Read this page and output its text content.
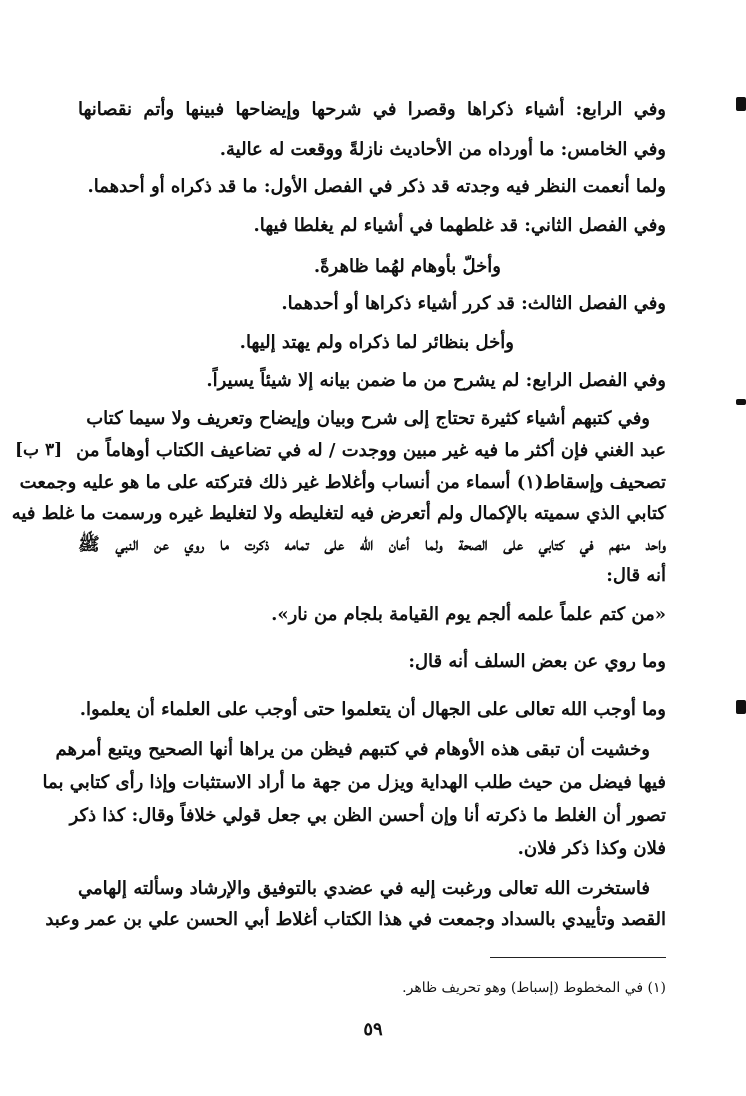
وفي الرابع: أشياء ذكراها وقصرا في شرحها وإيضاحها فبينها وأتم نقصانها
وفي الخامس: ما أورداه من الأحاديث نازلةً ووقعت له عالية.
ولما أنعمت النظر فيه وجدته قد ذكر في الفصل الأول: ما قد ذكراه أو أحدهما.
وفي الفصل الثاني: قد غلطهما في أشياء لم يغلطا فيها.
وأخلّ بأوهام لهُما ظاهرةً.
وفي الفصل الثالث: قد كرر أشياء ذكراها أو أحدهما.
وأخل بنظائر لما ذكراه ولم يهتد إليها.
وفي الفصل الرابع: لم يشرح من ما ضمن بيانه إلا شيئاً يسيراً.
وفي كتبهم أشياء كثيرة تحتاج إلى شرح وبيان وإيضاح وتعريف ولا سيما كتاب
عبد الغني فإن أكثر ما فيه غير مبين ووجدت / له في تضاعيف الكتاب أوهاماً من
[٣ ب]
تصحيف وإسقاط(١) أسماء من أنساب وأغلاط غير ذلك فتركته على ما هو عليه وجمعت
كتابي الذي سميته بالإكمال ولم أتعرض فيه لتغليطه ولا لتغليط غيره ورسمت ما غلط فيه
واحد منهم في كتابي على الصحة ولما أعان الله على تمامه ذكرت ما روي عن النبي ﷺ
أنه قال:
«من كتم علماً علمه ألجم يوم القيامة بلجام من نار».
وما روي عن بعض السلف أنه قال:
وما أوجب الله تعالى على الجهال أن يتعلموا حتى أوجب على العلماء أن يعلموا.
وخشيت أن تبقى هذه الأوهام في كتبهم فيظن من يراها أنها الصحيح ويتبع أمرهم
فيها فيضل من حيث طلب الهداية ويزل من جهة ما أراد الاستثبات وإذا رأى كتابي بما
تصور أن الغلط ما ذكرته أنا وإن أحسن الظن بي جعل قولي خلافاً وقال: كذا ذكر
فلان وكذا ذكر فلان.
فاستخرت الله تعالى ورغبت إليه في عضدي بالتوفيق والإرشاد وسألته إلهامي
القصد وتأييدي بالسداد وجمعت في هذا الكتاب أغلاط أبي الحسن علي بن عمر وعبد
(١) في المخطوط (إسباط) وهو تحريف ظاهر.
٥٩
